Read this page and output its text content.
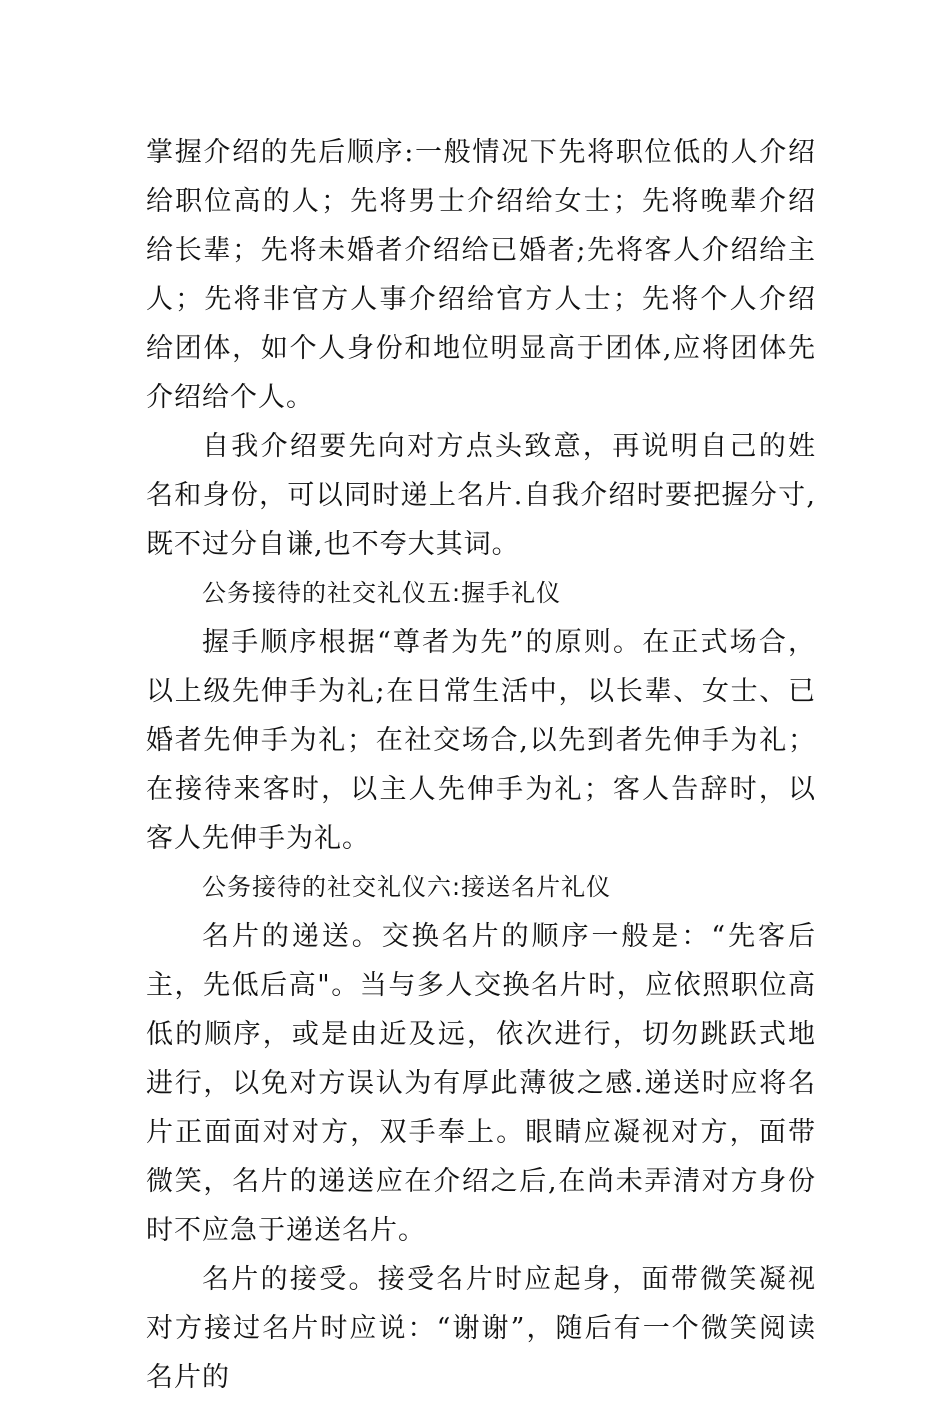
掌握介绍的先后顺序:一般情况下先将职位低的人介绍给职位高的人；先将男士介绍给女士；先将晚辈介绍给长辈；先将未婚者介绍给已婚者;先将客人介绍给主人；先将非官方人事介绍给官方人士；先将个人介绍给团体，如个人身份和地位明显高于团体,应将团体先介绍给个人。

自我介绍要先向对方点头致意，再说明自己的姓名和身份，可以同时递上名片.自我介绍时要把握分寸,既不过分自谦,也不夸大其词。

公务接待的社交礼仪五:握手礼仪

握手顺序根据“尊者为先”的原则。在正式场合，以上级先伸手为礼;在日常生活中，以长辈、女士、已婚者先伸手为礼；在社交场合,以先到者先伸手为礼；在接待来客时，以主人先伸手为礼；客人告辞时，以客人先伸手为礼。

公务接待的社交礼仪六:接送名片礼仪

名片的递送。交换名片的顺序一般是：“先客后主，先低后高"。当与多人交换名片时，应依照职位高低的顺序，或是由近及远，依次进行，切勿跳跃式地进行，以免对方误认为有厚此薄彼之感.递送时应将名片正面面对对方，双手奉上。眼睛应凝视对方，面带微笑，名片的递送应在介绍之后,在尚未弄清对方身份时不应急于递送名片。

名片的接受。接受名片时应起身，面带微笑凝视对方接过名片时应说：“谢谢”，随后有一个微笑阅读名片的
